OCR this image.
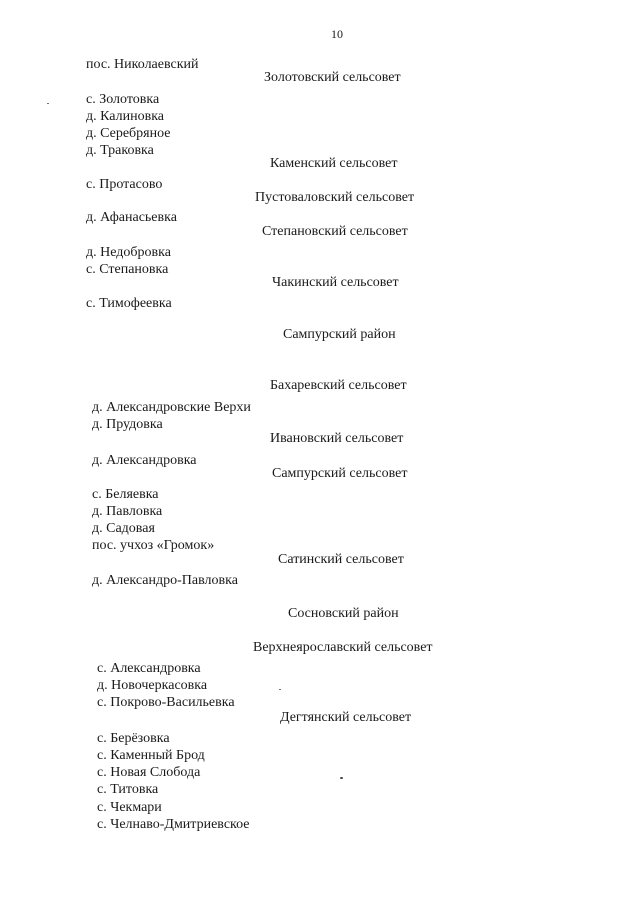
10
пос. Николаевский
Золотовский сельсовет
с. Золотовка
д. Калиновка
д. Серебряное
д. Траковка
Каменский сельсовет
с. Протасово
Пустоваловский сельсовет
д. Афанасьевка
Степановский сельсовет
д. Недобровка
с. Степановка
Чакинский сельсовет
с. Тимофеевка
Сампурский район
Бахаревский сельсовет
д. Александровские Верхи
д. Прудовка
Ивановский сельсовет
д. Александровка
Сампурский сельсовет
с. Беляевка
д. Павловка
д. Садовая
пос. учхоз «Громок»
Сатинский сельсовет
д. Александро-Павловка
Сосновский район
Верхнеярославский сельсовет
с. Александровка
д. Новочеркасовка
с. Покрово-Васильевка
Дегтянский сельсовет
с. Берёзовка
с. Каменный Брод
с. Новая Слобода
с. Титовка
с. Чекмари
с. Челнаво-Дмитриевское
